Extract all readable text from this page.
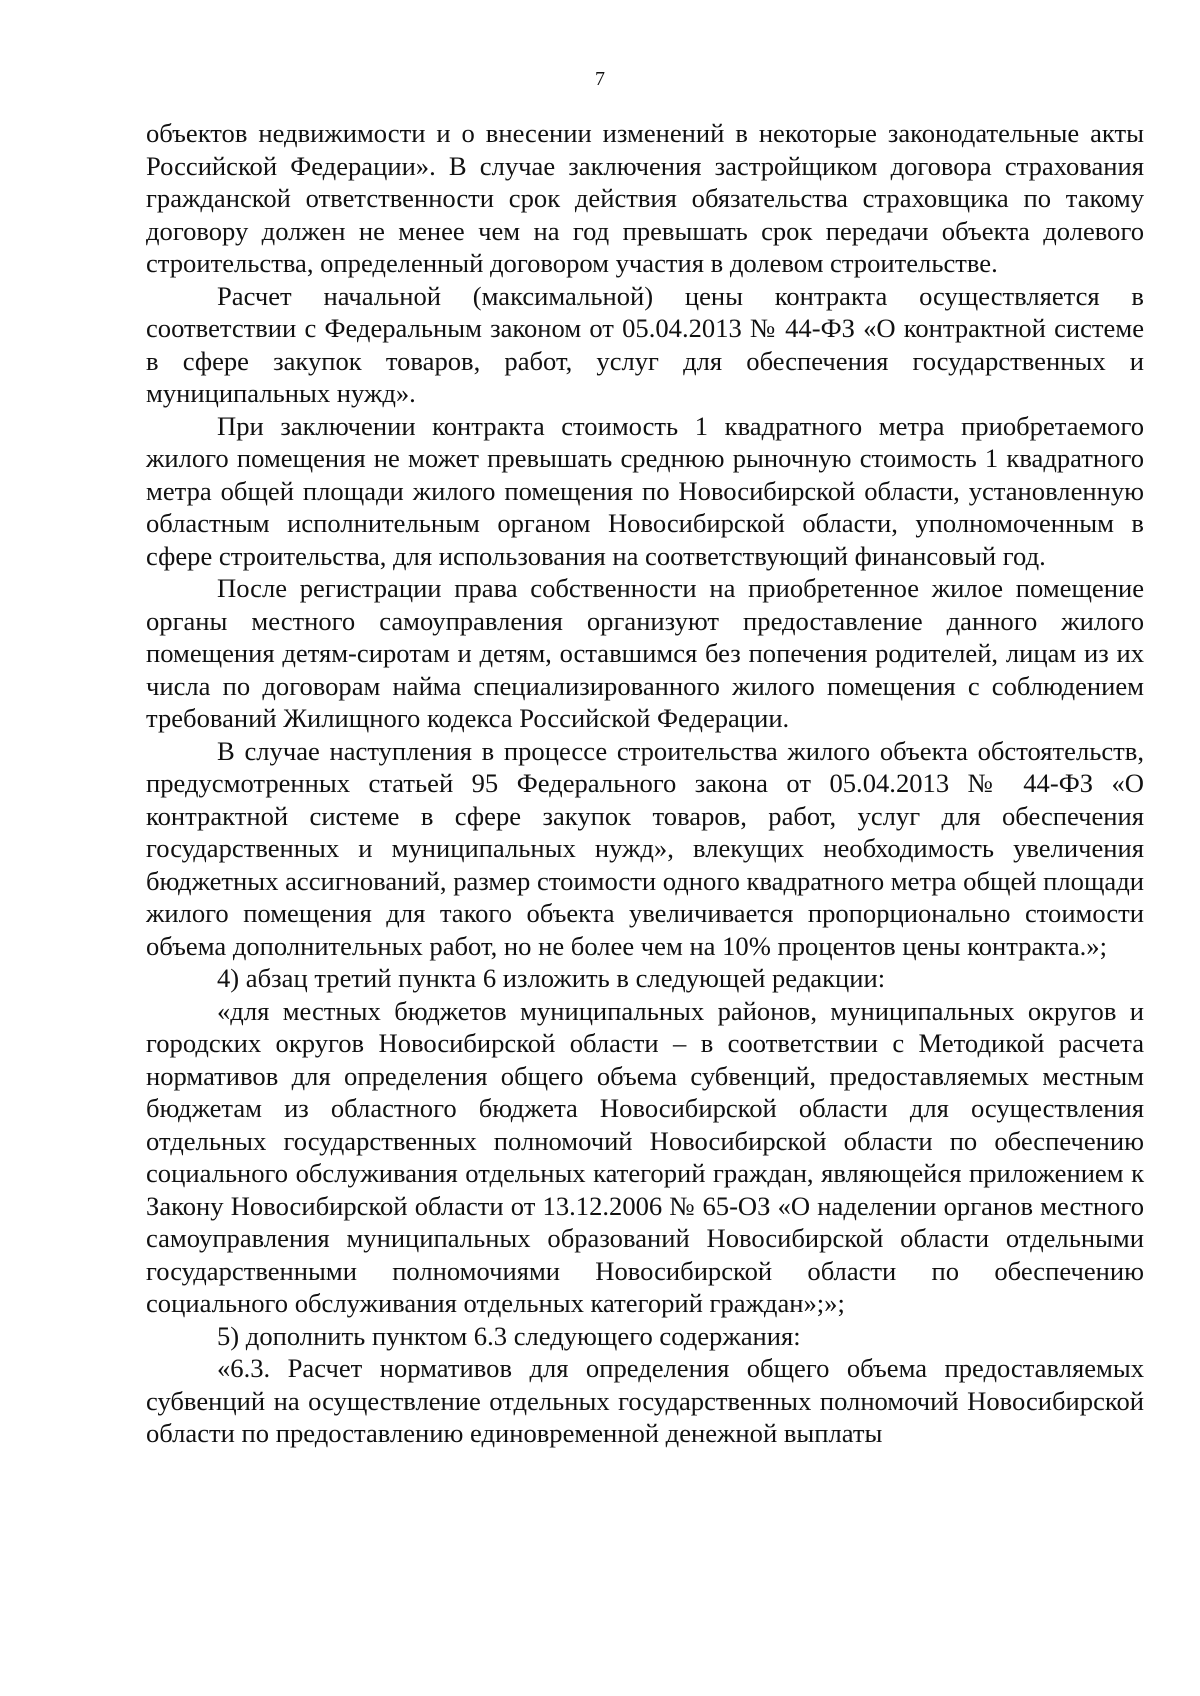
7

объектов недвижимости и о внесении изменений в некоторые законодательные акты Российской Федерации». В случае заключения застройщиком договора страхования гражданской ответственности срок действия обязательства страховщика по такому договору должен не менее чем на год превышать срок передачи объекта долевого строительства, определенный договором участия в долевом строительстве.

Расчет начальной (максимальной) цены контракта осуществляется в соответствии с Федеральным законом от 05.04.2013 № 44-ФЗ «О контрактной системе в сфере закупок товаров, работ, услуг для обеспечения государственных и муниципальных нужд».

При заключении контракта стоимость 1 квадратного метра приобретаемого жилого помещения не может превышать среднюю рыночную стоимость 1 квадратного метра общей площади жилого помещения по Новосибирской области, установленную областным исполнительным органом Новосибирской области, уполномоченным в сфере строительства, для использования на соответствующий финансовый год.

После регистрации права собственности на приобретенное жилое помещение органы местного самоуправления организуют предоставление данного жилого помещения детям-сиротам и детям, оставшимся без попечения родителей, лицам из их числа по договорам найма специализированного жилого помещения с соблюдением требований Жилищного кодекса Российской Федерации.

В случае наступления в процессе строительства жилого объекта обстоятельств, предусмотренных статьей 95 Федерального закона от 05.04.2013 № 44-ФЗ «О контрактной системе в сфере закупок товаров, работ, услуг для обеспечения государственных и муниципальных нужд», влекущих необходимость увеличения бюджетных ассигнований, размер стоимости одного квадратного метра общей площади жилого помещения для такого объекта увеличивается пропорционально стоимости объема дополнительных работ, но не более чем на 10% процентов цены контракта.»;

4) абзац третий пункта 6 изложить в следующей редакции:

«для местных бюджетов муниципальных районов, муниципальных округов и городских округов Новосибирской области – в соответствии с Методикой расчета нормативов для определения общего объема субвенций, предоставляемых местным бюджетам из областного бюджета Новосибирской области для осуществления отдельных государственных полномочий Новосибирской области по обеспечению социального обслуживания отдельных категорий граждан, являющейся приложением к Закону Новосибирской области от 13.12.2006 № 65-ОЗ «О наделении органов местного самоуправления муниципальных образований Новосибирской области отдельными государственными полномочиями Новосибирской области по обеспечению социального обслуживания отдельных категорий граждан»;»;

5) дополнить пунктом 6.3 следующего содержания:

«6.3. Расчет нормативов для определения общего объема предоставляемых субвенций на осуществление отдельных государственных полномочий Новосибирской области по предоставлению единовременной денежной выплаты
